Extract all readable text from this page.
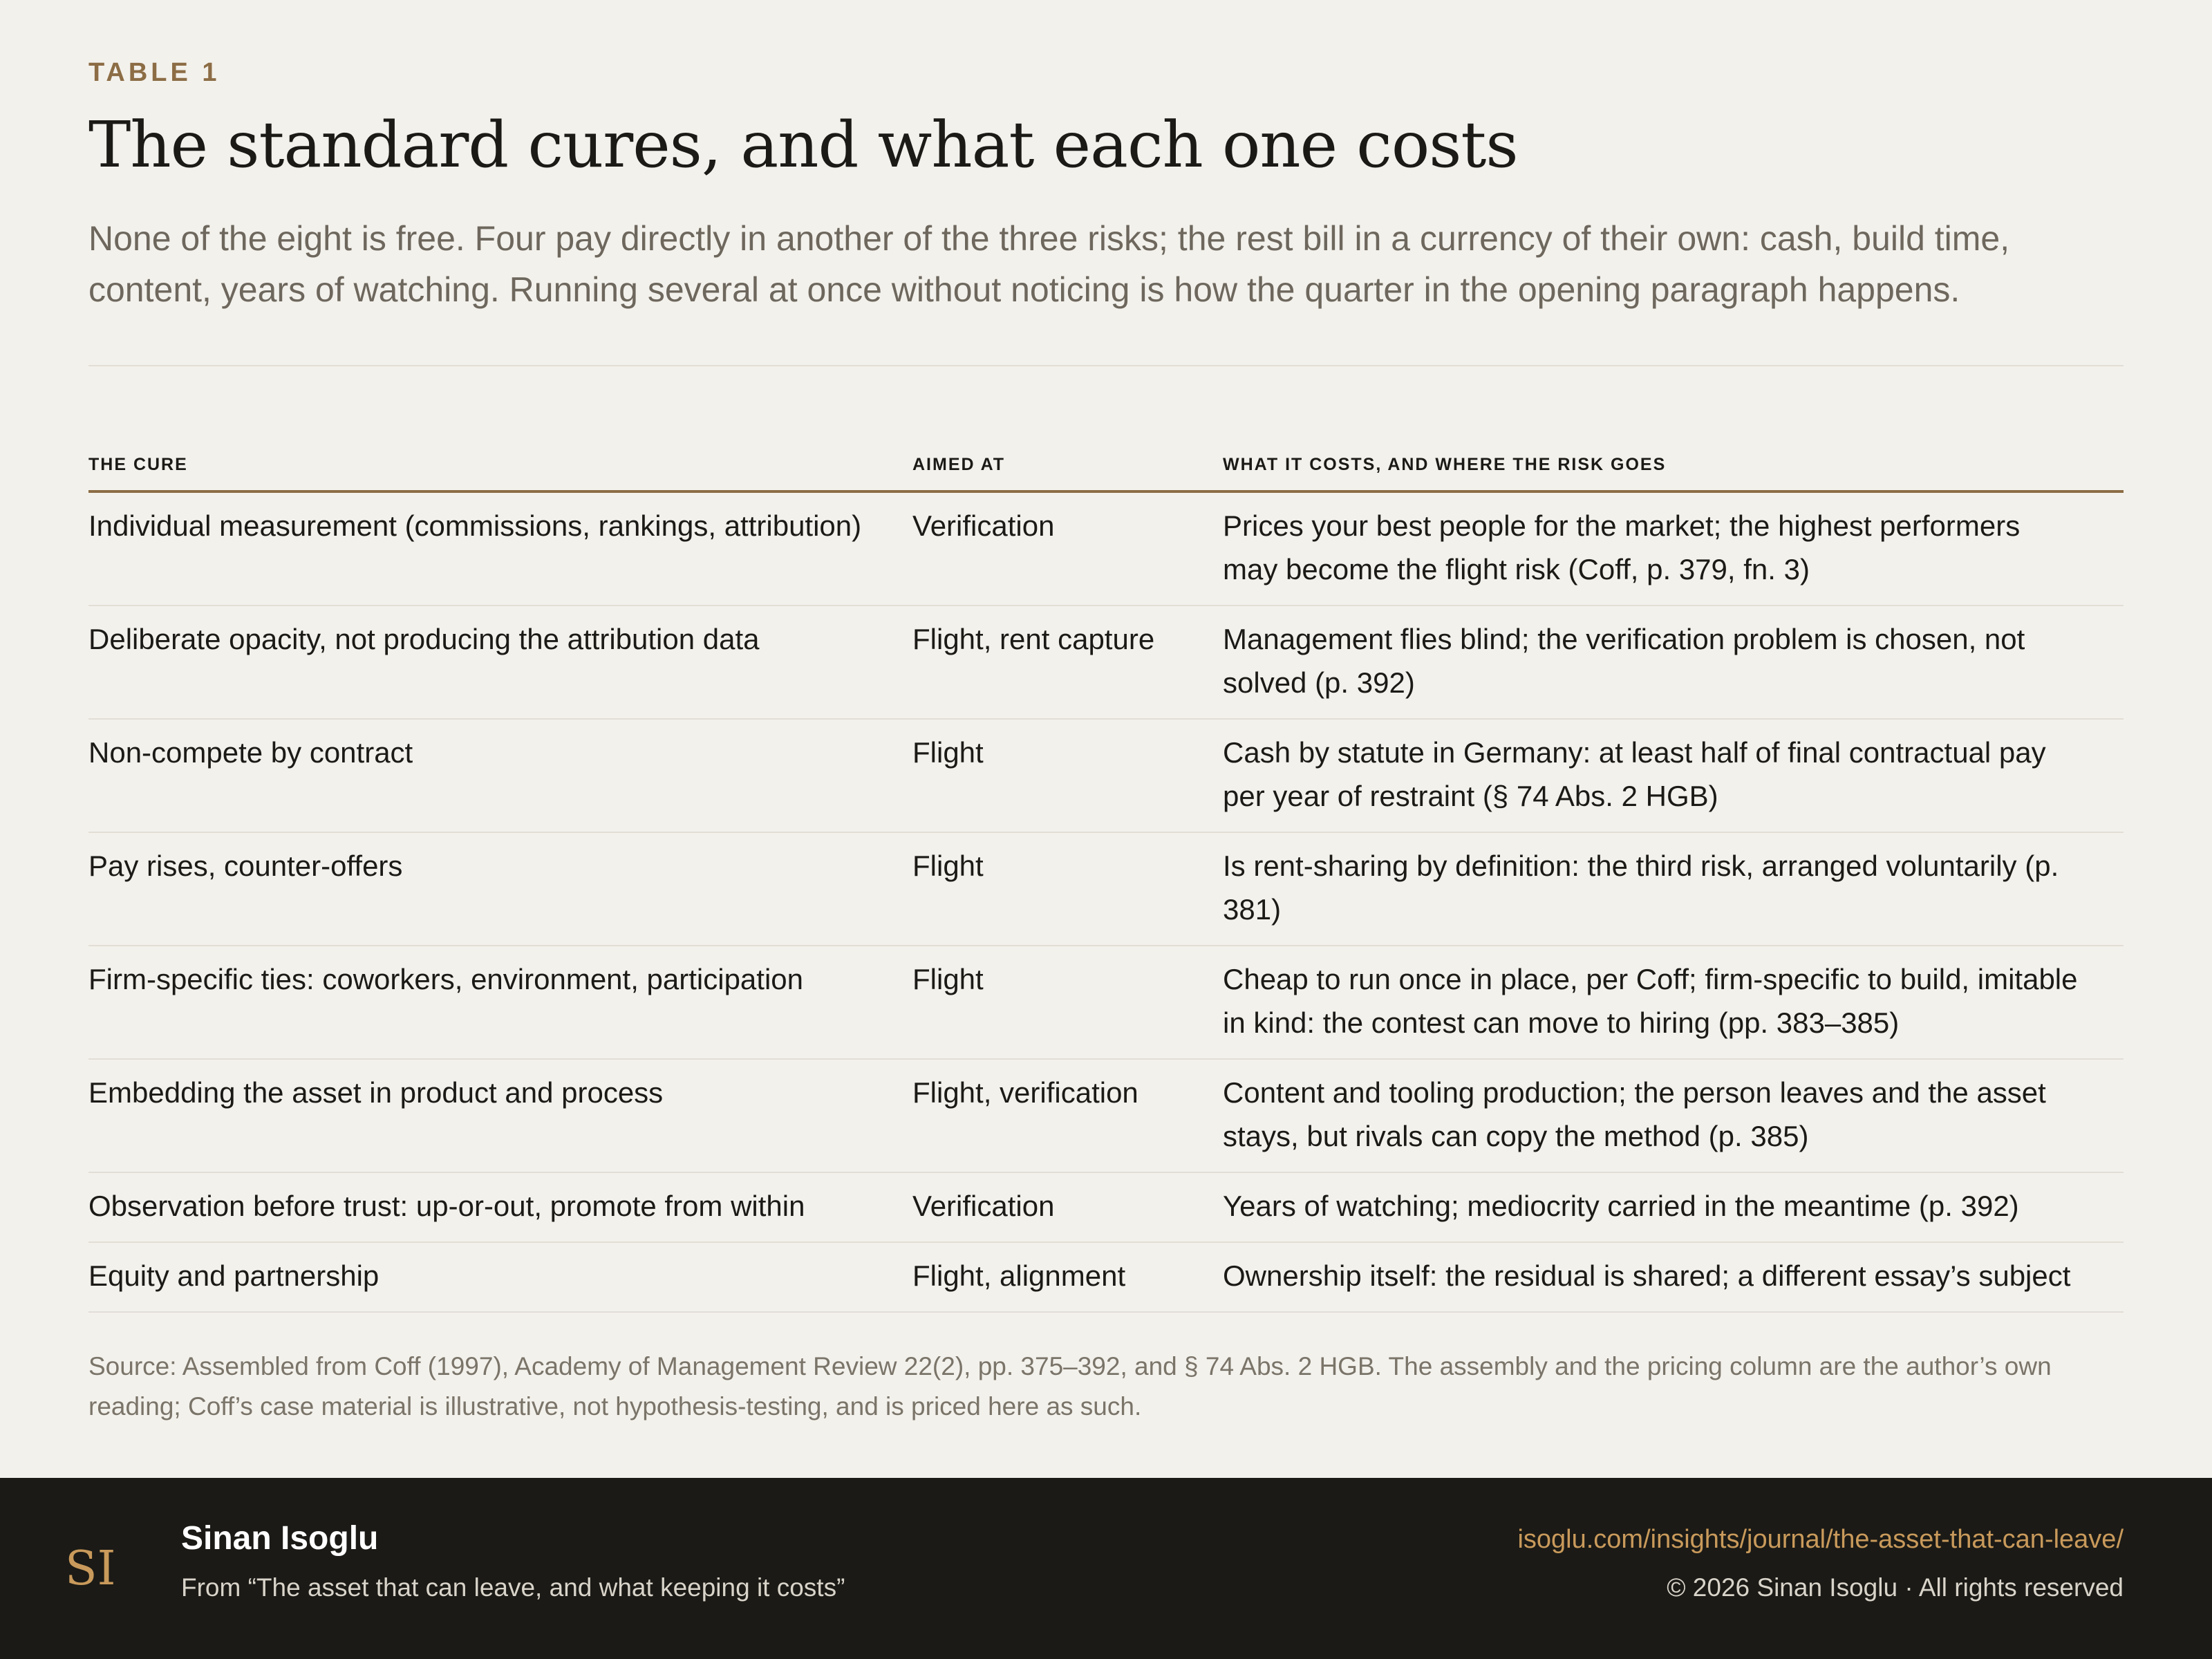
TABLE 1
The standard cures, and what each one costs

None of the eight is free. Four pay directly in another of the three risks; the rest bill in a currency of their own: cash, build time, content, years of watching. Running several at once without noticing is how the quarter in the opening paragraph happens.

THE CURE	AIMED AT	WHAT IT COSTS, AND WHERE THE RISK GOES
Individual measurement (commissions, rankings, attribution)	Verification	Prices your best people for the market; the highest performers may become the flight risk (Coff, p. 379, fn. 3)
Deliberate opacity, not producing the attribution data	Flight, rent capture	Management flies blind; the verification problem is chosen, not solved (p. 392)
Non-compete by contract	Flight	Cash by statute in Germany: at least half of final contractual pay per year of restraint (§ 74 Abs. 2 HGB)
Pay rises, counter-offers	Flight	Is rent-sharing by definition: the third risk, arranged voluntarily (p. 381)
Firm-specific ties: coworkers, environment, participation	Flight	Cheap to run once in place, per Coff; firm-specific to build, imitable in kind: the contest can move to hiring (pp. 383–385)
Embedding the asset in product and process	Flight, verification	Content and tooling production; the person leaves and the asset stays, but rivals can copy the method (p. 385)
Observation before trust: up-or-out, promote from within	Verification	Years of watching; mediocrity carried in the meantime (p. 392)
Equity and partnership	Flight, alignment	Ownership itself: the residual is shared; a different essay’s subject

Source: Assembled from Coff (1997), Academy of Management Review 22(2), pp. 375–392, and § 74 Abs. 2 HGB. The assembly and the pricing column are the author’s own reading; Coff’s case material is illustrative, not hypothesis-testing, and is priced here as such.

SI
Sinan Isoglu
From “The asset that can leave, and what keeping it costs”
isoglu.com/insights/journal/the-asset-that-can-leave/
© 2026 Sinan Isoglu · All rights reserved
